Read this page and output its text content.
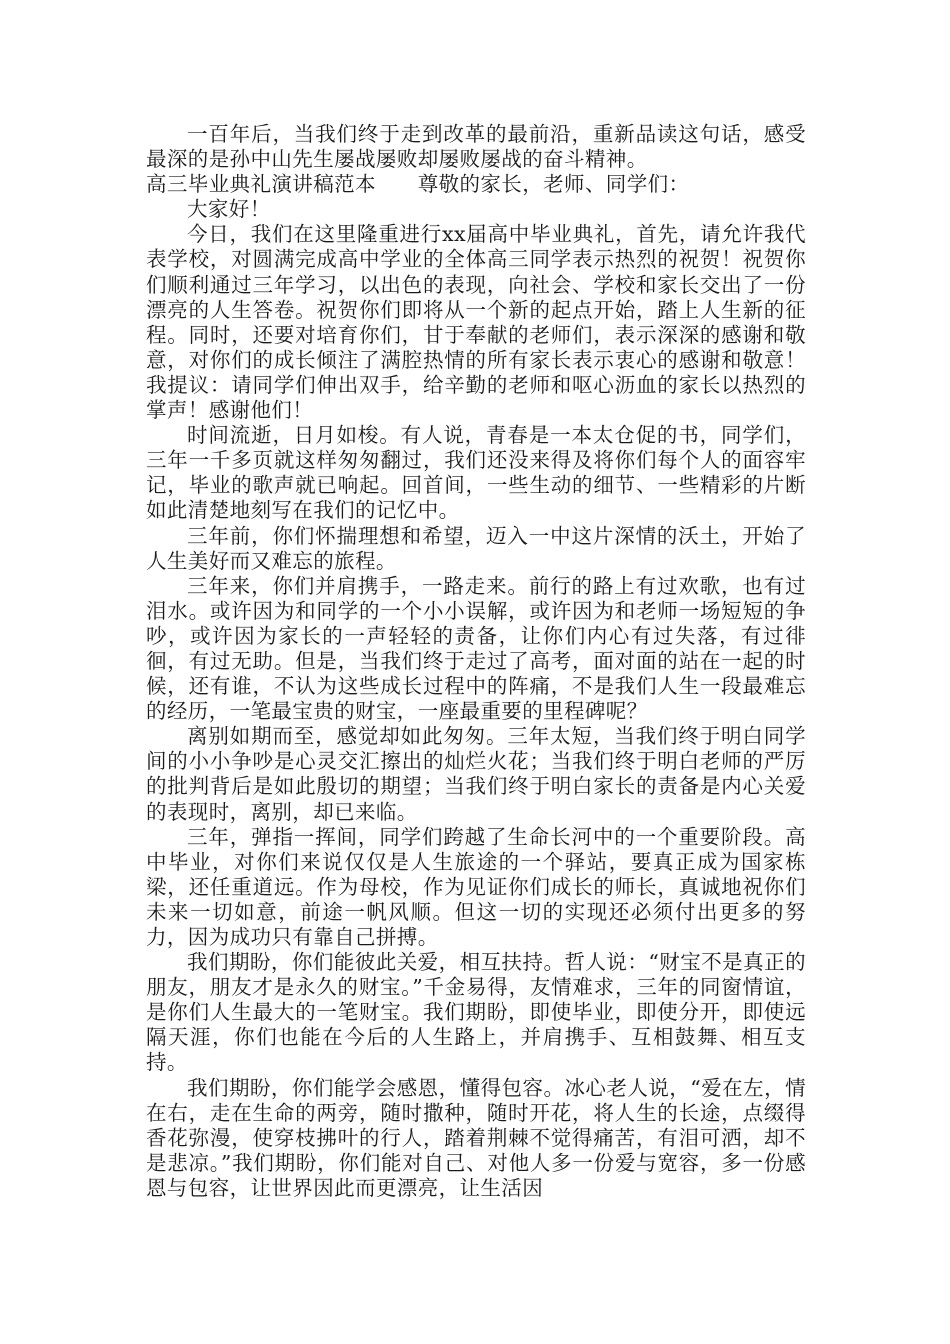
一百年后，当我们终于走到改革的最前沿，重新品读这句话，感受最深的是孙中山先生屡战屡败却屡败屡战的奋斗精神。

高三毕业典礼演讲稿范本　　尊敬的家长，老师、同学们：

大家好！

今日，我们在这里隆重进行xx届高中毕业典礼，首先，请允许我代表学校，对圆满完成高中学业的全体高三同学表示热烈的祝贺！祝贺你们顺利通过三年学习，以出色的表现，向社会、学校和家长交出了一份漂亮的人生答卷。祝贺你们即将从一个新的起点开始，踏上人生新的征程。同时，还要对培育你们，甘于奉献的老师们，表示深深的感谢和敬意，对你们的成长倾注了满腔热情的所有家长表示衷心的感谢和敬意！我提议：请同学们伸出双手，给辛勤的老师和呕心沥血的家长以热烈的掌声！感谢他们！

时间流逝，日月如梭。有人说，青春是一本太仓促的书，同学们，三年一千多页就这样匆匆翻过，我们还没来得及将你们每个人的面容牢记，毕业的歌声就已响起。回首间，一些生动的细节、一些精彩的片断如此清楚地刻写在我们的记忆中。

三年前，你们怀揣理想和希望，迈入一中这片深情的沃土，开始了人生美好而又难忘的旅程。

三年来，你们并肩携手，一路走来。前行的路上有过欢歌，也有过泪水。或许因为和同学的一个小小误解，或许因为和老师一场短短的争吵，或许因为家长的一声轻轻的责备，让你们内心有过失落，有过徘徊，有过无助。但是，当我们终于走过了高考，面对面的站在一起的时候，还有谁，不认为这些成长过程中的阵痛，不是我们人生一段最难忘的经历，一笔最宝贵的财宝，一座最重要的里程碑呢？

离别如期而至，感觉却如此匆匆。三年太短，当我们终于明白同学间的小小争吵是心灵交汇擦出的灿烂火花；当我们终于明白老师的严厉的批判背后是如此殷切的期望；当我们终于明白家长的责备是内心关爱的表现时，离别，却已来临。

三年，弹指一挥间，同学们跨越了生命长河中的一个重要阶段。高中毕业，对你们来说仅仅是人生旅途的一个驿站，要真正成为国家栋梁，还任重道远。作为母校，作为见证你们成长的师长，真诚地祝你们未来一切如意，前途一帆风顺。但这一切的实现还必须付出更多的努力，因为成功只有靠自己拼搏。

我们期盼，你们能彼此关爱，相互扶持。哲人说：“财宝不是真正的朋友，朋友才是永久的财宝。”千金易得，友情难求，三年的同窗情谊，是你们人生最大的一笔财宝。我们期盼，即使毕业，即使分开，即使远隔天涯，你们也能在今后的人生路上，并肩携手、互相鼓舞、相互支持。

我们期盼，你们能学会感恩，懂得包容。冰心老人说，“爱在左，情在右，走在生命的两旁，随时撒种，随时开花，将人生的长途，点缀得香花弥漫，使穿枝拂叶的行人，踏着荆棘不觉得痛苦，有泪可洒，却不是悲凉。”我们期盼，你们能对自己、对他人多一份爱与宽容，多一份感恩与包容，让世界因此而更漂亮，让生活因
